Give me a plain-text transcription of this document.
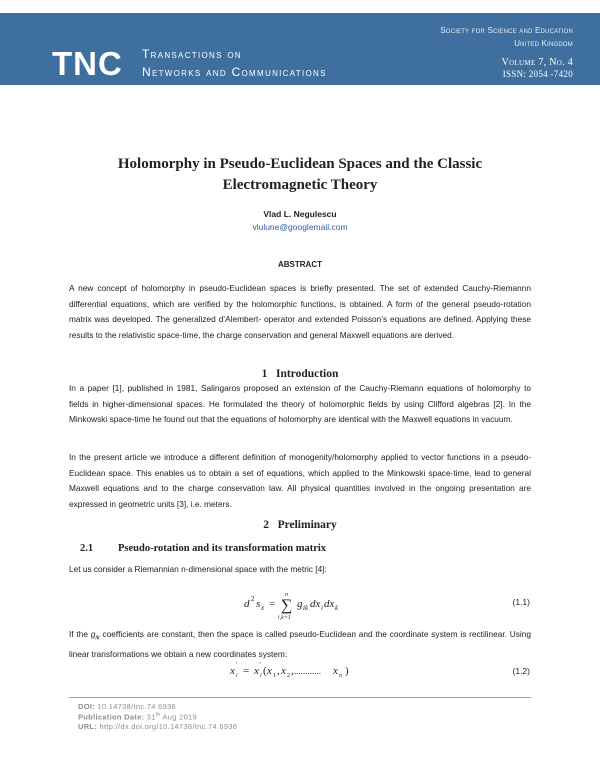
TNC Transactions on
Networks and Communications
Society for Science and Education
United Kingdom
Volume 7, No. 4
ISSN: 2054 -7420
Holomorphy in Pseudo-Euclidean Spaces and the Classic
Electromagnetic Theory
Vlad L. Negulescu
vlulune@googlemail.com
ABSTRACT
A new concept of holomorphy in pseudo-Euclidean spaces is briefly presented. The set of extended Cauchy-Riemannn differential equations, which are verified by the holomorphic functions, is obtained. A form of the general pseudo-rotation matrix was developed. The generalized d’Alembert- operator and extended Poisson’s equations are defined. Applying these results to the relativistic space-time, the charge conservation and general Maxwell equations are derived.
1   Introduction
In a paper [1], published in 1981, Salingaros proposed an extension of the Cauchy-Riemann equations of holomorphy to fields in higher-dimensional spaces. He formulated the theory of holomorphic fields by using Clifford algebras [2]. In the Minkowski space-time he found out that the equations of holomorphy are identical with the Maxwell equations in vacuum.
In the present article we introduce a different definition of monogenity/holomorphy applied to vector functions in a pseudo-Euclidean space. This enables us to obtain a set of equations, which applied to the Minkowski space-time, lead to general Maxwell equations and to the charge conservation law. All physical quantities involved in the ongoing presentation are expressed in geometric units [3], i.e. meters.
2   Preliminary
2.1 Pseudo-rotation and its transformation matrix
Let us consider a Riemannian n-dimensional space with the metric [4]:
d 2 s x = ∑
n
i,k=1
g ik dx i dx k
(1.1)
If the $g_{ik}$ coefficients are constant, then the space is called pseudo-Euclidean and the coordinate system is rectilinear. Using linear transformations we obtain a new coordinates system:
x i
' = x i
' ( x 1 , x 2 , ............ x n )	(1.2)
DOI: 10.14738/tnc.74.6936
Publication Date: 31th Aug 2019
URL: http://dx.doi.org/10.14738/tnc.74.6936
